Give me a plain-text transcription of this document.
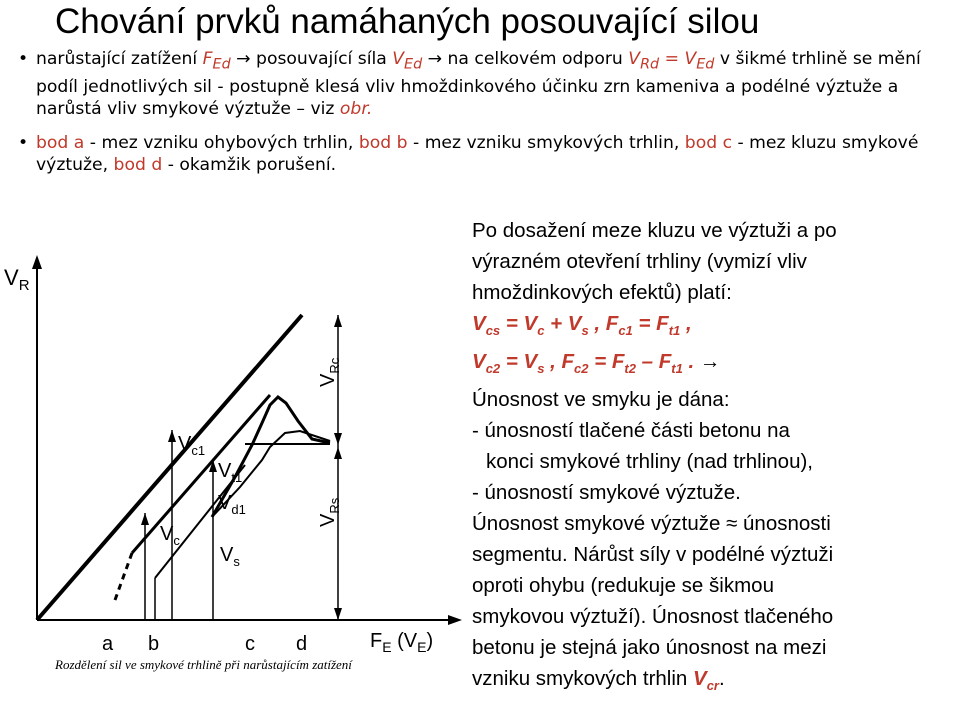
Chování prvků namáhaných posouvající silou
• narůstající zatížení $F_{Ed}$ → posouvající síla $V_{Ed}$ → na celkovém odporu $V_{Rd} = V_{Ed}$ v šikmé trhlině se mění podíl jednotlivých sil - postupně klesá vliv hmoždinkového účinku zrn kameniva a podélné výztuže a narůstá vliv smykové výztuže – viz obr.
• bod a - mez vzniku ohybových trhlin, bod b - mez vzniku smykových trhlin, bod c - mez kluzu smykové výztuže, bod d - okamžik porušení.
a b	c d
$V_R$
$F_E$ $(V_E)$
$V_{c1}$
$V_{t1}$
$V_{d1}$
$V_s$
$V_c$
$V_{Rc}$
$V_{Rs}$
Rozdělení sil ve smykové trhlině při narůstajícím zatížení

Po dosažení meze kluzu ve výztuži a po

výrazném otevření trhliny (vymizí vliv

hmoždinkových efektů) platí:

$V_{cs} = V_c + V_s$ , $F_{c1} = F_{t1}$ ,

$V_{c2} = V_s$ , $F_{c2} = F_{t2} - F_{t1}$ . →

Únosnost ve smyku je dána:

- únosností tlačené části betonu na

konci smykové trhliny (nad trhlinou),

- únosností smykové výztuže.

Únosnost smykové výztuže ≈ únosnosti

segmentu. Nárůst síly v podélné výztuži

oproti ohybu (redukuje se šikmou

smykovou výztuží). Únosnost tlačeného

betonu je stejná jako únosnost na mezi

vzniku smykových trhlin $V_{cr}$.
